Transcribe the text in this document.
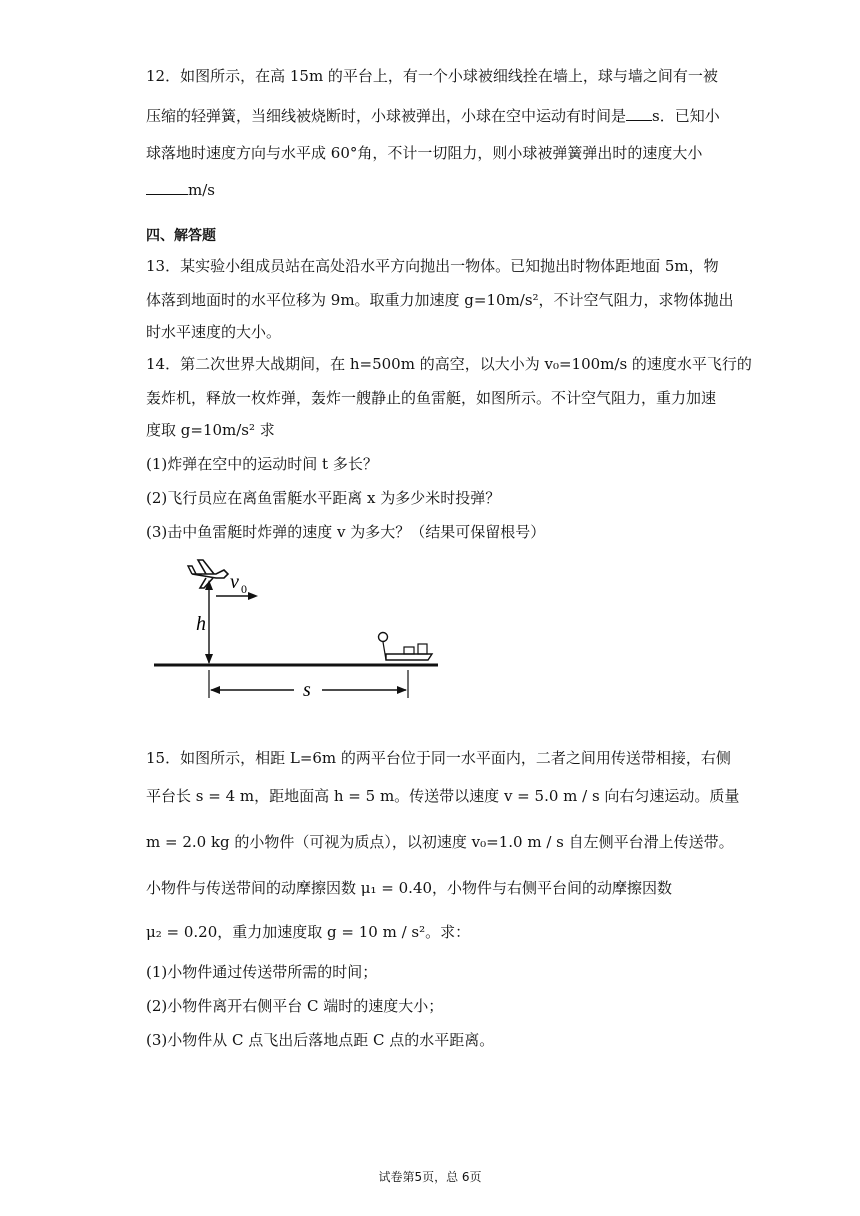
12．如图所示，在高 15m 的平台上，有一个小球被细线拴在墙上，球与墙之间有一被
压缩的轻弹簧，当细线被烧断时，小球被弹出，小球在空中运动有时间是 s．已知小
球落地时速度方向与水平成 60°角，不计一切阻力，则小球被弹簧弹出时的速度大小
m/s
四、解答题
13．某实验小组成员站在高处沿水平方向抛出一物体。已知抛出时物体距地面 5m，物
体落到地面时的水平位移为 9m。取重力加速度 g=10m/s²，不计空气阻力，求物体抛出
时水平速度的大小。
14．第二次世界大战期间，在 h=500m 的高空，以大小为 v₀=100m/s 的速度水平飞行的
轰炸机，释放一枚炸弹，轰炸一艘静止的鱼雷艇，如图所示。不计空气阻力，重力加速
度取 g=10m/s² 求
(1)炸弹在空中的运动时间 t 多长？
(2)飞行员应在离鱼雷艇水平距离 x 为多少米时投弹？
(3)击中鱼雷艇时炸弹的速度 v 为多大？（结果可保留根号）
h
v 0
s
15．如图所示，相距 L=6m 的两平台位于同一水平面内，二者之间用传送带相接，右侧
平台长 s = 4 m，距地面高 h = 5 m。传送带以速度 v = 5.0 m / s 向右匀速运动。质量
m = 2.0 kg 的小物件（可视为质点），以初速度 v₀=1.0 m / s 自左侧平台滑上传送带。
小物件与传送带间的动摩擦因数 μ₁ = 0.40，小物件与右侧平台间的动摩擦因数
μ₂ = 0.20，重力加速度取 g = 10 m / s²。求：
(1)小物件通过传送带所需的时间；
(2)小物件离开右侧平台 C 端时的速度大小；
(3)小物件从 C 点飞出后落地点距 C 点的水平距离。
试卷第5页，总 6页
